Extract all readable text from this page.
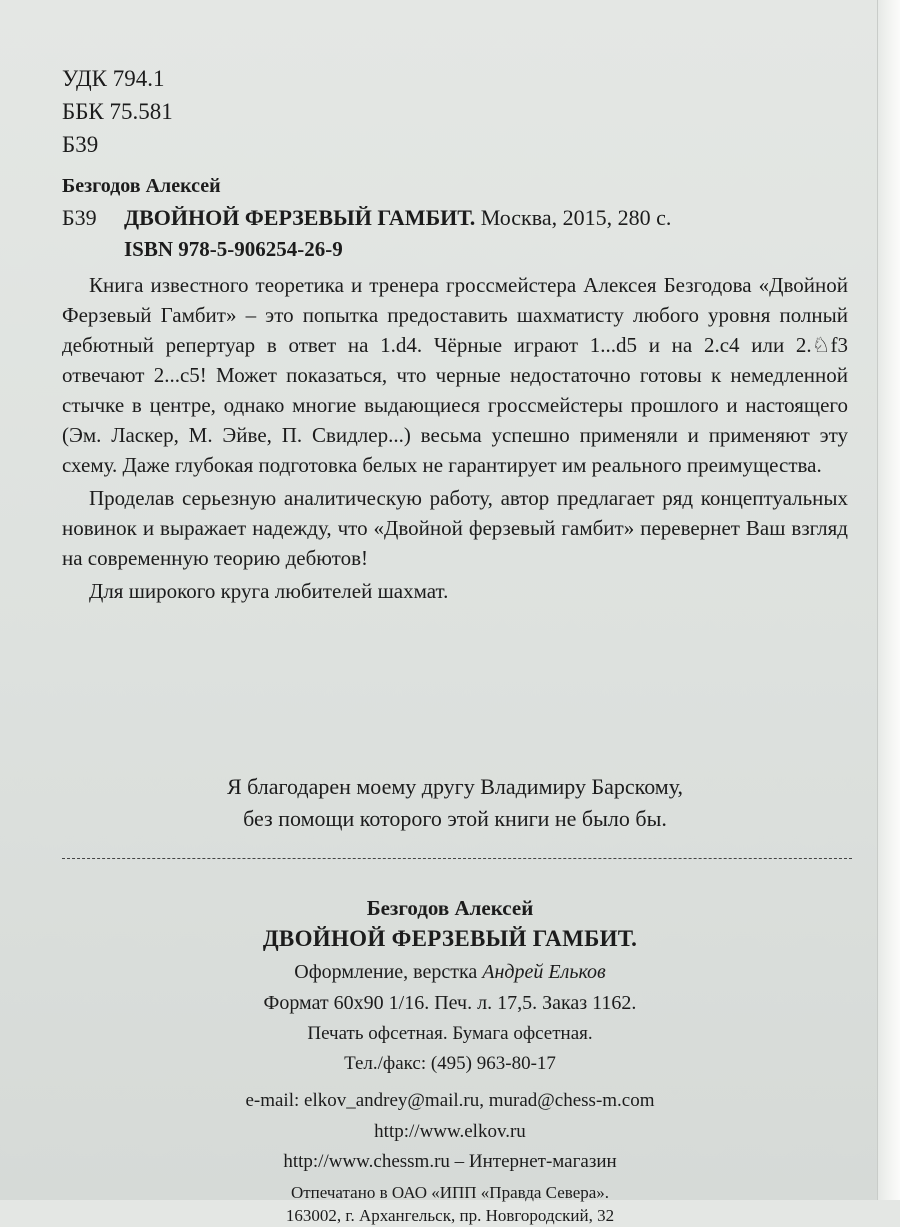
УДК 794.1
ББК 75.581
Б39
Безгодов Алексей
Б39 ДВОЙНОЙ ФЕРЗЕВЫЙ ГАМБИТ. Москва, 2015, 280 с.
ISBN 978-5-906254-26-9

Книга известного теоретика и тренера гроссмейстера Алексея Безгодова «Двойной Ферзевый Гамбит» – это попытка предоставить шахматисту любого уровня полный дебютный репертуар в ответ на 1.d4. Чёрные играют 1...d5 и на 2.c4 или 2.♘f3 отвечают 2...c5! Может показаться, что черные недостаточно готовы к немедленной стычке в центре, однако многие выдающиеся гроссмейстеры прошлого и настоящего (Эм. Ласкер, М. Эйве, П. Свидлер...) весьма успешно применяли и применяют эту схему. Даже глубокая подготовка белых не гарантирует им реального преимущества.

Проделав серьезную аналитическую работу, автор предлагает ряд концептуальных новинок и выражает надежду, что «Двойной ферзевый гамбит» перевернет Ваш взгляд на современную теорию дебютов!

Для широкого круга любителей шахмат.

Я благодарен моему другу Владимиру Барскому,
без помощи которого этой книги не было бы.
Безгодов Алексей
ДВОЙНОЙ ФЕРЗЕВЫЙ ГАМБИТ.
Оформление, верстка Андрей Ельков
Формат 60x90 1/16. Печ. л. 17,5. Заказ 1162.
Печать офсетная. Бумага офсетная.
Тел./факс: (495) 963-80-17
e-mail: elkov_andrey@mail.ru, murad@chess-m.com
http://www.elkov.ru
http://www.chessm.ru – Интернет-магазин
Отпечатано в ОАО «ИПП «Правда Севера».
163002, г. Архангельск, пр. Новгородский, 32
